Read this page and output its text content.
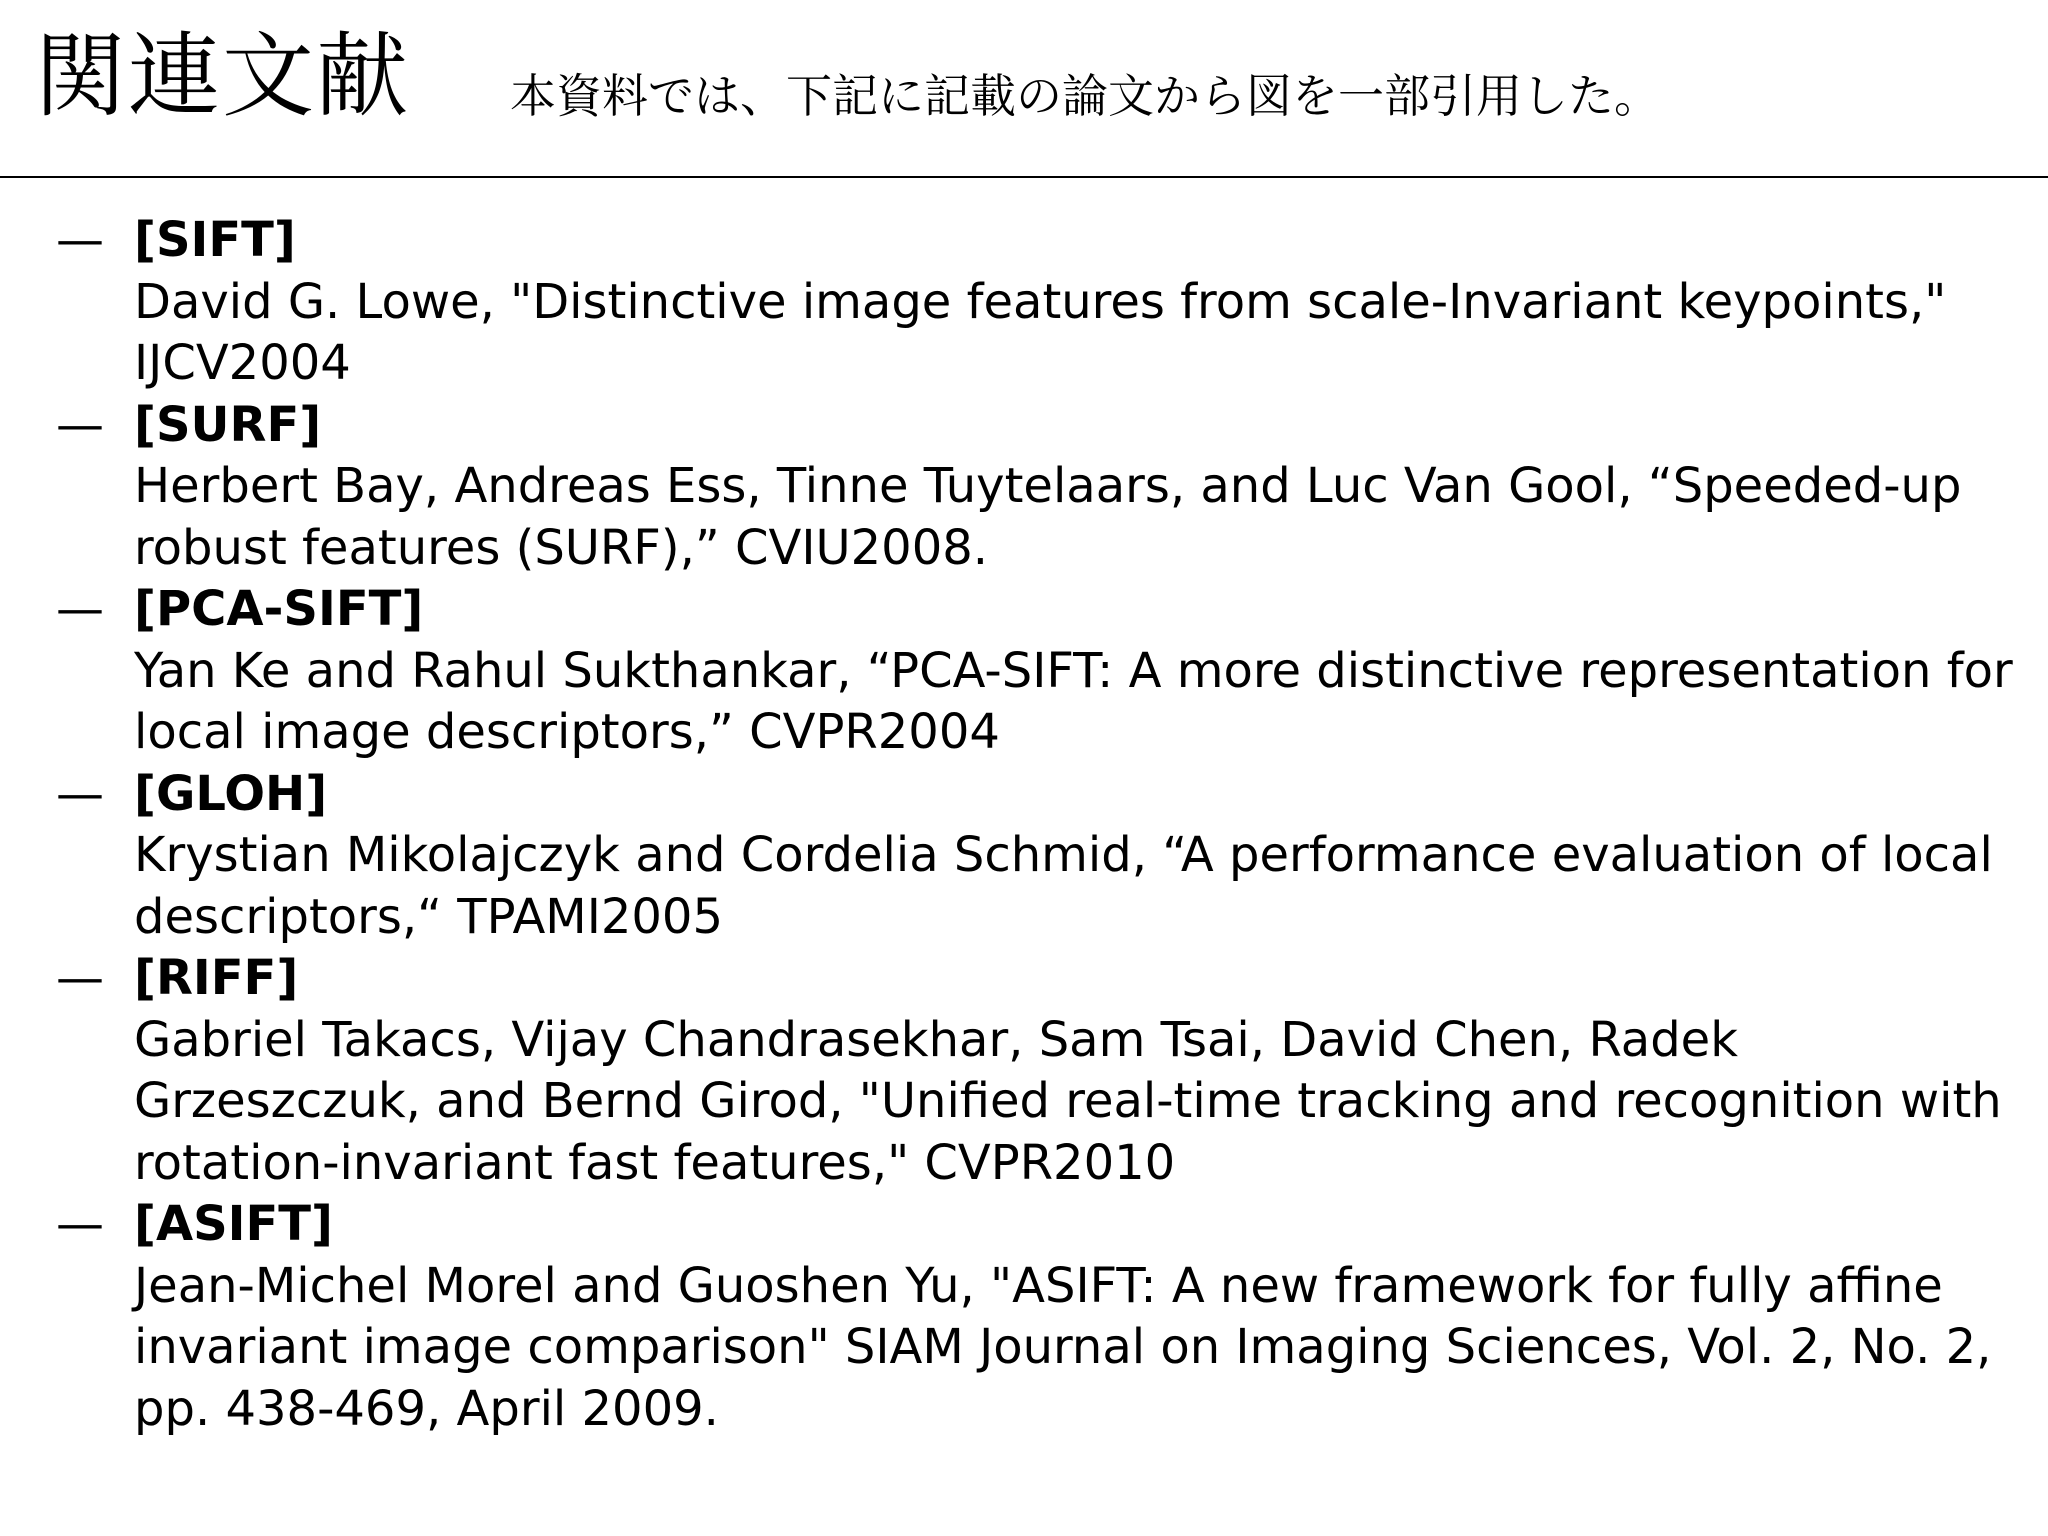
関連文献 本資料では、下記に記載の論文から図を一部引用した。
— [SIFT]
David G. Lowe, "Distinctive image features from scale-Invariant keypoints," IJCV2004
— [SURF]
Herbert Bay, Andreas Ess, Tinne Tuytelaars, and Luc Van Gool, “Speeded-up robust features (SURF),” CVIU2008.
— [PCA-SIFT]
Yan Ke and Rahul Sukthankar, “PCA-SIFT: A more distinctive representation for local image descriptors,” CVPR2004
— [GLOH]
Krystian Mikolajczyk and Cordelia Schmid, “A performance evaluation of local descriptors,“ TPAMI2005
— [RIFF]
Gabriel Takacs, Vijay Chandrasekhar, Sam Tsai, David Chen, Radek Grzeszczuk, and Bernd Girod, "Unified real-time tracking and recognition with rotation-invariant fast features," CVPR2010
— [ASIFT]
Jean-Michel Morel and Guoshen Yu, "ASIFT: A new framework for fully affine invariant image comparison" SIAM Journal on Imaging Sciences, Vol. 2, No. 2, pp. 438-469, April 2009.
